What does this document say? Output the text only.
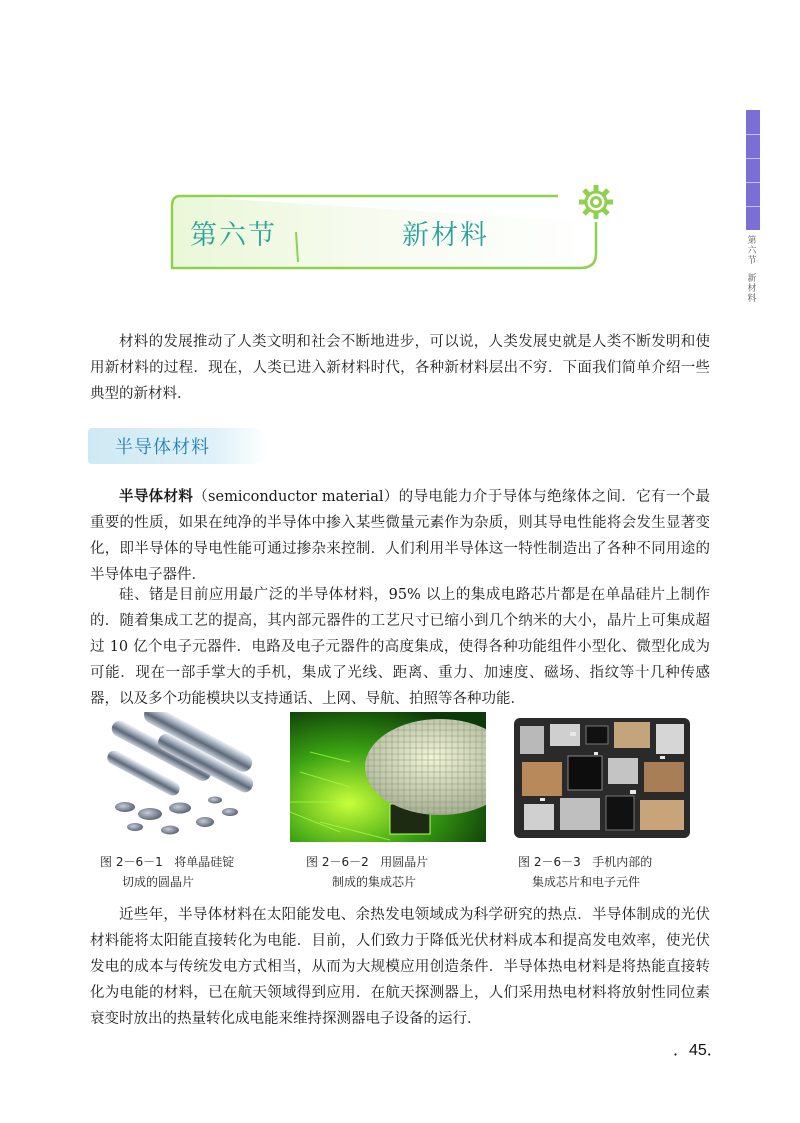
第
六
节
新
材
料
第六节	新材料

材料的发展推动了人类文明和社会不断地进步，可以说，人类发展史就是人类不断发明和使用新材料的过程．现在，人类已进入新材料时代，各种新材料层出不穷．下面我们简单介绍一些典型的新材料．

半导体材料

半导体材料（semiconductor material）的导电能力介于导体与绝缘体之间．它有一个最重要的性质，如果在纯净的半导体中掺入某些微量元素作为杂质，则其导电性能将会发生显著变化，即半导体的导电性能可通过掺杂来控制．人们利用半导体这一特性制造出了各种不同用途的半导体电子器件．

硅、锗是目前应用最广泛的半导体材料，95% 以上的集成电路芯片都是在单晶硅片上制作的．随着集成工艺的提高，其内部元器件的工艺尺寸已缩小到几个纳米的大小，晶片上可集成超过 10 亿个电子元器件．电路及电子元器件的高度集成，使得各种功能组件小型化、微型化成为可能．现在一部手掌大的手机，集成了光线、距离、重力、加速度、磁场、指纹等十几种传感器，以及多个功能模块以支持通话、上网、导航、拍照等各种功能．

图 2－6－1 将单晶硅锭
切成的圆晶片
图 2－6－2 用圆晶片
制成的集成芯片
图 2－6－3 手机内部的
集成芯片和电子元件

近些年，半导体材料在太阳能发电、余热发电领域成为科学研究的热点．半导体制成的光伏材料能将太阳能直接转化为电能．目前，人们致力于降低光伏材料成本和提高发电效率，使光伏发电的成本与传统发电方式相当，从而为大规模应用创造条件．半导体热电材料是将热能直接转化为电能的材料，已在航天领域得到应用．在航天探测器上，人们采用热电材料将放射性同位素衰变时放出的热量转化成电能来维持探测器电子设备的运行．

．45．
